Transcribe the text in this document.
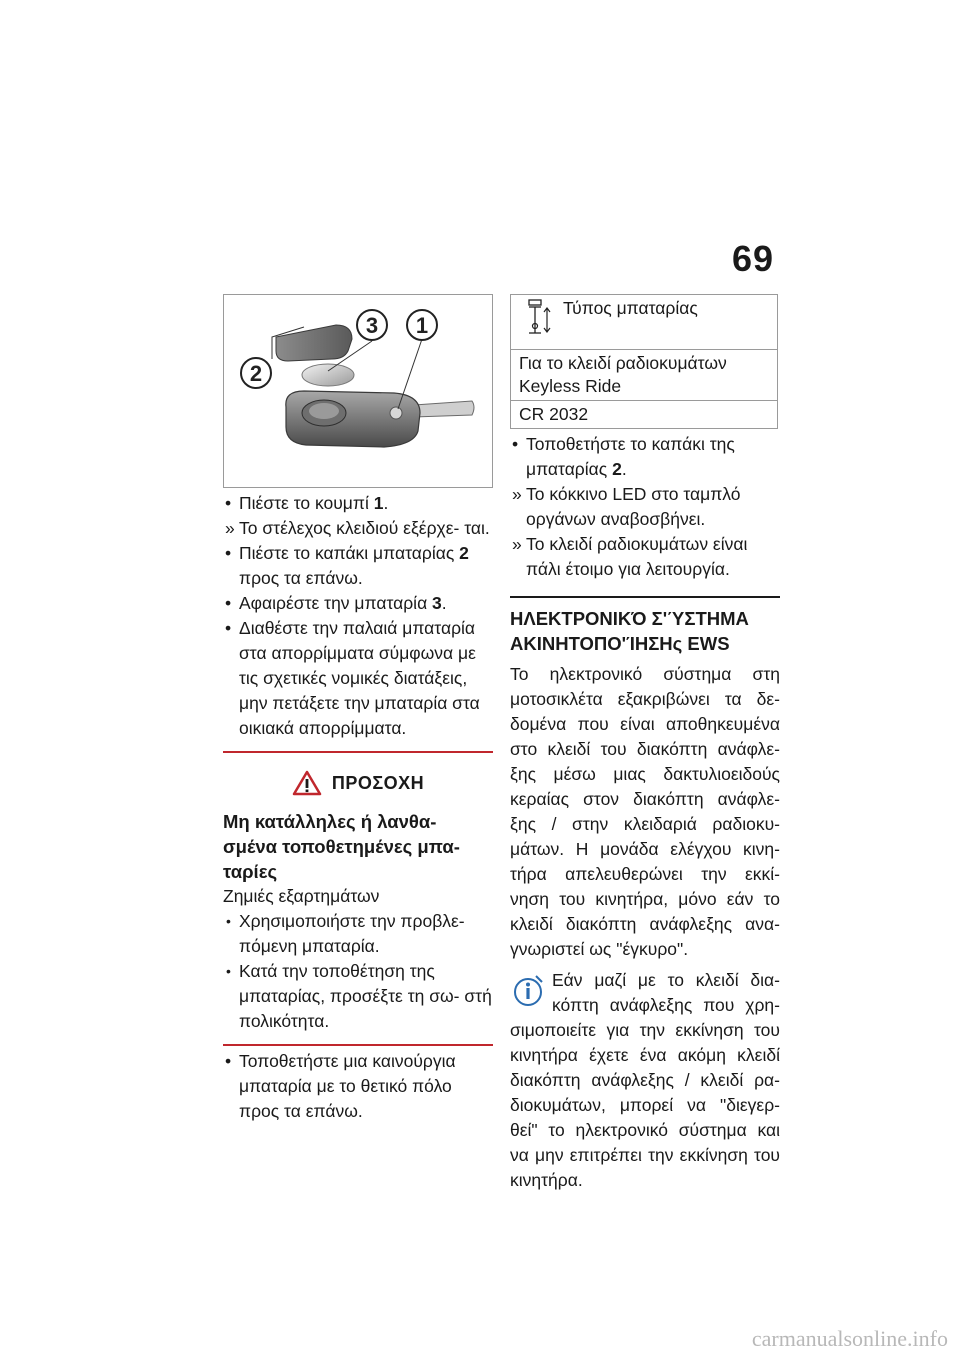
69
3 1
2
•
Πιέστε το κουμπί 1.
»
Το στέλεχος κλειδιού εξέρχε- ται.
•
Πιέστε το καπάκι μπαταρίας 2 προς τα επάνω.
•
Αφαιρέστε την μπαταρία 3.
•
Διαθέστε την παλαιά μπαταρία στα απορρίμματα σύμφωνα με τις σχετικές νομικές διατάξεις, μην πετάξετε την μπαταρία στα οικιακά απορρίμματα.
ΠΡΟΣΟΧΗ
Μη κατάλληλες ή λανθα- σμένα τοποθετημένες μπα- ταρίες
Ζημιές εξαρτημάτων
• Χρησιμοποιήστε την προβλε- πόμενη μπαταρία.
• Κατά την τοποθέτηση της μπαταρίας, προσέξτε τη σω- στή πολικότητα.
•
Τοποθετήστε μια καινούργια μπαταρία με το θετικό πόλο προς τα επάνω.
Τύπος μπαταρίας

Για το κλειδί ραδιοκυμάτων Keyless Ride
CR 2032
•
Τοποθετήστε το καπάκι της μπαταρίας 2.
»
Το κόκκινο LED στο ταμπλό οργάνων αναβοσβήνει.
»
Το κλειδί ραδιοκυμάτων είναι πάλι έτοιμο για λειτουργία.
ΗΛΕΚΤΡΟΝΙΚΌ Σ'ΎΣΤΗΜΑ ΑΚΙΝΗΤΟΠΟ'ΊΗΣΗς EWS
Το ηλεκτρονικό σύστημα στη μοτοσικλέτα εξακριβώνει τα δε- δομένα που είναι αποθηκευμένα στο κλειδί του διακόπτη ανάφλε- ξης μέσω μιας δακτυλιοειδούς κεραίας στον διακόπτη ανάφλε- ξης / στην κλειδαριά ραδιοκυ- μάτων. Η μονάδα ελέγχου κινη- τήρα απελευθερώνει την εκκί- νηση του κινητήρα, μόνο εάν το κλειδί διακόπτη ανάφλεξης ανα- γνωριστεί ως "έγκυρο".

Εάν μαζί με το κλειδί δια- κόπτη ανάφλεξης που χρη- σιμοποιείτε για την εκκίνηση του κινητήρα έχετε ένα ακόμη κλειδί διακόπτη ανάφλεξης / κλειδί ρα- διοκυμάτων, μπορεί να "διεγερ- θεί" το ηλεκτρονικό σύστημα και να μην επιτρέπει την εκκίνηση του κινητήρα.

carmanualsonline.info
